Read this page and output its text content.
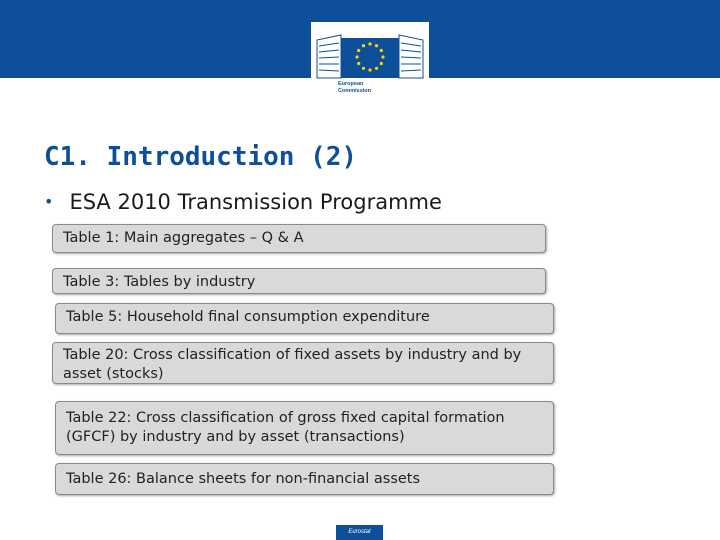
European
Commission
C1. Introduction (2)
• ESA 2010 Transmission Programme
Table 1: Main aggregates – Q & A
Table 3: Tables by industry
Table 5: Household final consumption expenditure
Table 20: Cross classification of fixed assets by industry and by asset (stocks)
Table 22: Cross classification of gross fixed capital formation (GFCF) by industry and by asset (transactions)
Table 26: Balance sheets for non-financial assets
Eurostat
